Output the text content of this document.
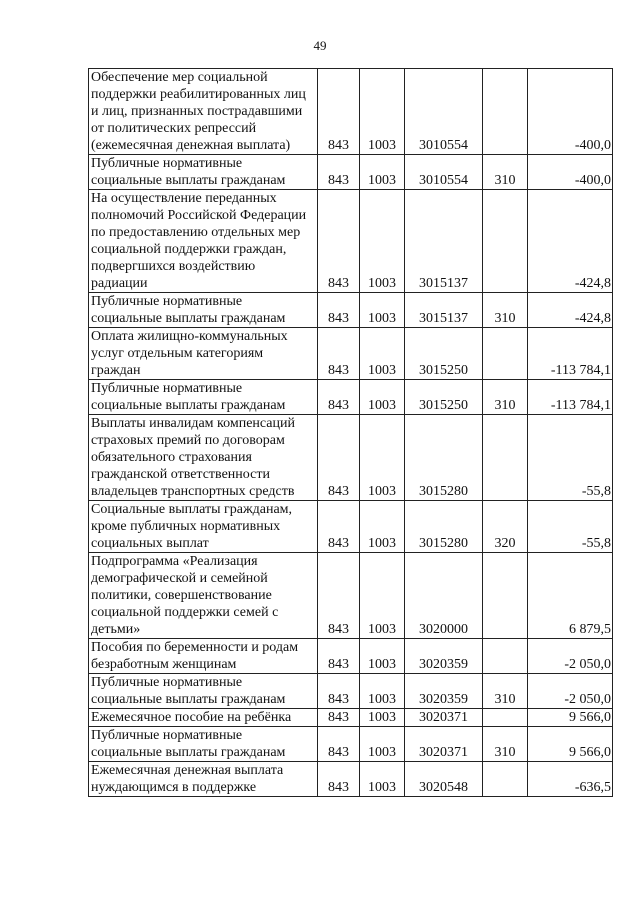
49
Обеспечение мер социальной поддержки реабилитированных лиц и лиц, признанных пострадавшими от политических репрессий (ежемесячная денежная выплата)	843	1003	3010554		-400,0

Публичные нормативные социальные выплаты гражданам	843	1003	3010554	310	-400,0

На осуществление переданных полномочий Российской Федерации по предоставлению отдельных мер социальной поддержки граждан, подвергшихся воздействию радиации	843	1003	3015137		-424,8

Публичные нормативные социальные выплаты гражданам	843	1003	3015137	310	-424,8

Оплата жилищно-коммунальных услуг отдельным категориям граждан	843	1003	3015250		-113 784,1

Публичные нормативные социальные выплаты гражданам	843	1003	3015250	310	-113 784,1

Выплаты инвалидам компенсаций страховых премий по договорам обязательного страхования гражданской ответственности владельцев транспортных средств	843	1003	3015280		-55,8

Социальные выплаты гражданам, кроме публичных нормативных социальных выплат	843	1003	3015280	320	-55,8

Подпрограмма «Реализация демографической и семейной политики, совершенствование социальной поддержки семей с детьми»	843	1003	3020000		6 879,5

Пособия по беременности и родам безработным женщинам	843	1003	3020359		-2 050,0

Публичные нормативные социальные выплаты гражданам	843	1003	3020359	310	-2 050,0

Ежемесячное пособие на ребёнка	843	1003	3020371		9 566,0

Публичные нормативные социальные выплаты гражданам	843	1003	3020371	310	9 566,0

Ежемесячная денежная выплата нуждающимся в поддержке	843	1003	3020548		-636,5
